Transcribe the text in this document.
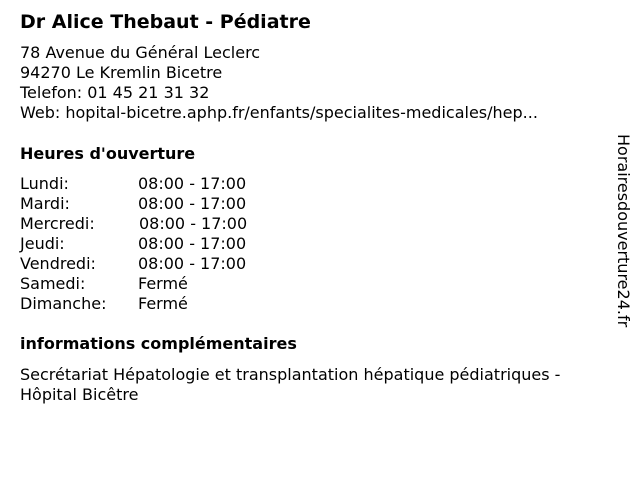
Dr Alice Thebaut - Pédiatre
78 Avenue du Général Leclerc
94270 Le Kremlin Bicetre
Telefon: 01 45 21 31 32
Web: hopital-bicetre.aphp.fr/enfants/specialites-medicales/hep...
Heures d'ouverture
Lundi:	08:00 - 17:00
Mardi:	08:00 - 17:00
Mercredi:	08:00 - 17:00
Jeudi:	08:00 - 17:00
Vendredi:	08:00 - 17:00
Samedi:	Fermé
Dimanche: Fermé
informations complémentaires
Secrétariat Hépatologie et transplantation hépatique pédiatriques - Hôpital Bicêtre
Horairesdouverture24.fr
